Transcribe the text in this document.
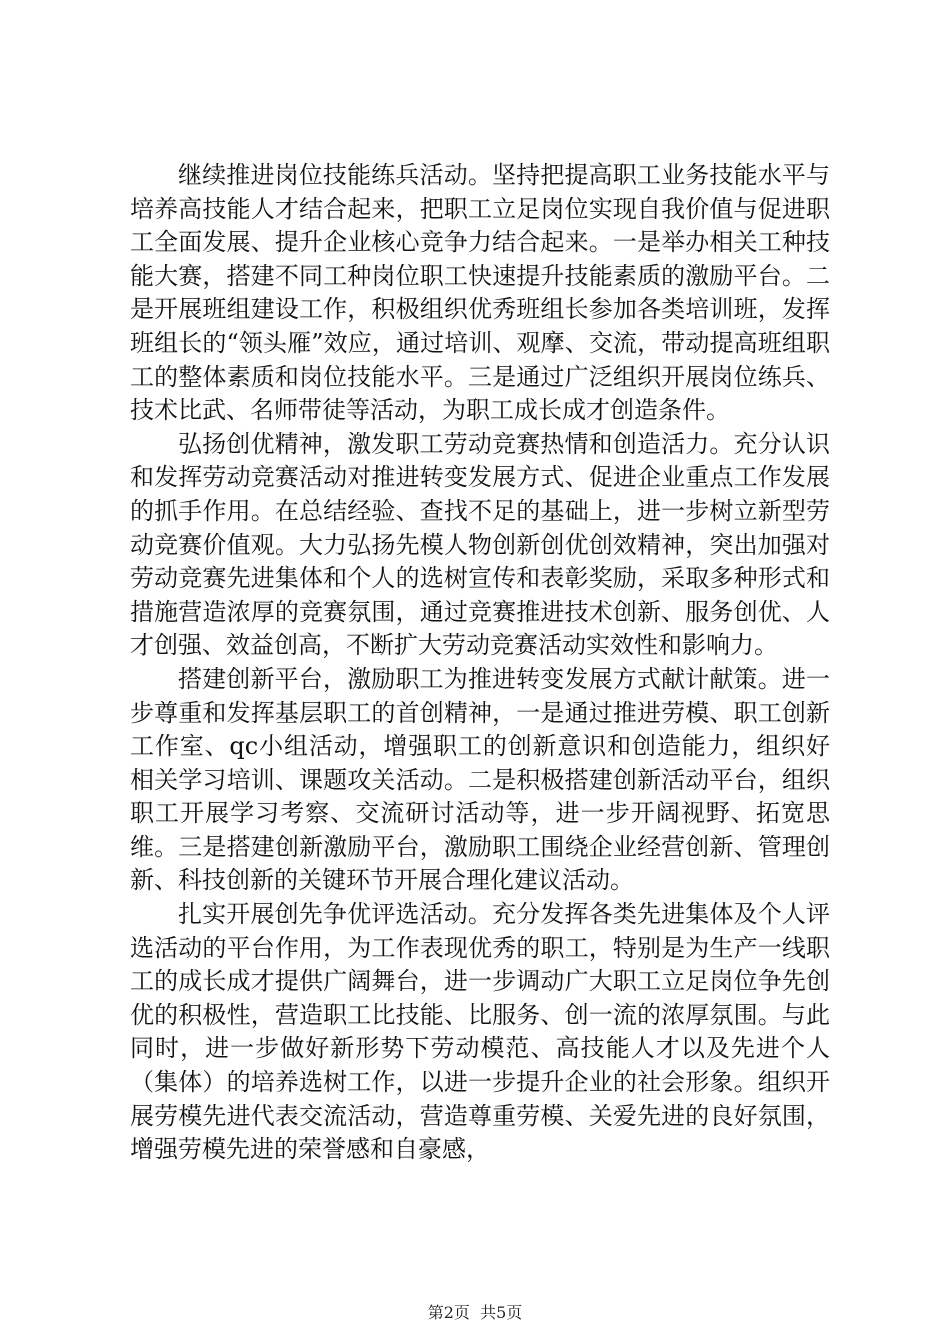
继续推进岗位技能练兵活动。坚持把提高职工业务技能水平与培养高技能人才结合起来，把职工立足岗位实现自我价值与促进职工全面发展、提升企业核心竞争力结合起来。一是举办相关工种技能大赛，搭建不同工种岗位职工快速提升技能素质的激励平台。二是开展班组建设工作，积极组织优秀班组长参加各类培训班，发挥班组长的“领头雁”效应，通过培训、观摩、交流，带动提高班组职工的整体素质和岗位技能水平。三是通过广泛组织开展岗位练兵、技术比武、名师带徒等活动，为职工成长成才创造条件。

弘扬创优精神，激发职工劳动竞赛热情和创造活力。充分认识和发挥劳动竞赛活动对推进转变发展方式、促进企业重点工作发展的抓手作用。在总结经验、查找不足的基础上，进一步树立新型劳动竞赛价值观。大力弘扬先模人物创新创优创效精神，突出加强对劳动竞赛先进集体和个人的选树宣传和表彰奖励，采取多种形式和措施营造浓厚的竞赛氛围，通过竞赛推进技术创新、服务创优、人才创强、效益创高，不断扩大劳动竞赛活动实效性和影响力。

搭建创新平台，激励职工为推进转变发展方式献计献策。进一步尊重和发挥基层职工的首创精神，一是通过推进劳模、职工创新工作室、qc小组活动，增强职工的创新意识和创造能力，组织好相关学习培训、课题攻关活动。二是积极搭建创新活动平台，组织职工开展学习考察、交流研讨活动等，进一步开阔视野、拓宽思维。三是搭建创新激励平台，激励职工围绕企业经营创新、管理创新、科技创新的关键环节开展合理化建议活动。

扎实开展创先争优评选活动。充分发挥各类先进集体及个人评选活动的平台作用，为工作表现优秀的职工，特别是为生产一线职工的成长成才提供广阔舞台，进一步调动广大职工立足岗位争先创优的积极性，营造职工比技能、比服务、创一流的浓厚氛围。与此同时，进一步做好新形势下劳动模范、高技能人才以及先进个人（集体）的培养选树工作，以进一步提升企业的社会形象。组织开展劳模先进代表交流活动，营造尊重劳模、关爱先进的良好氛围，增强劳模先进的荣誉感和自豪感，

第2页  共5页
